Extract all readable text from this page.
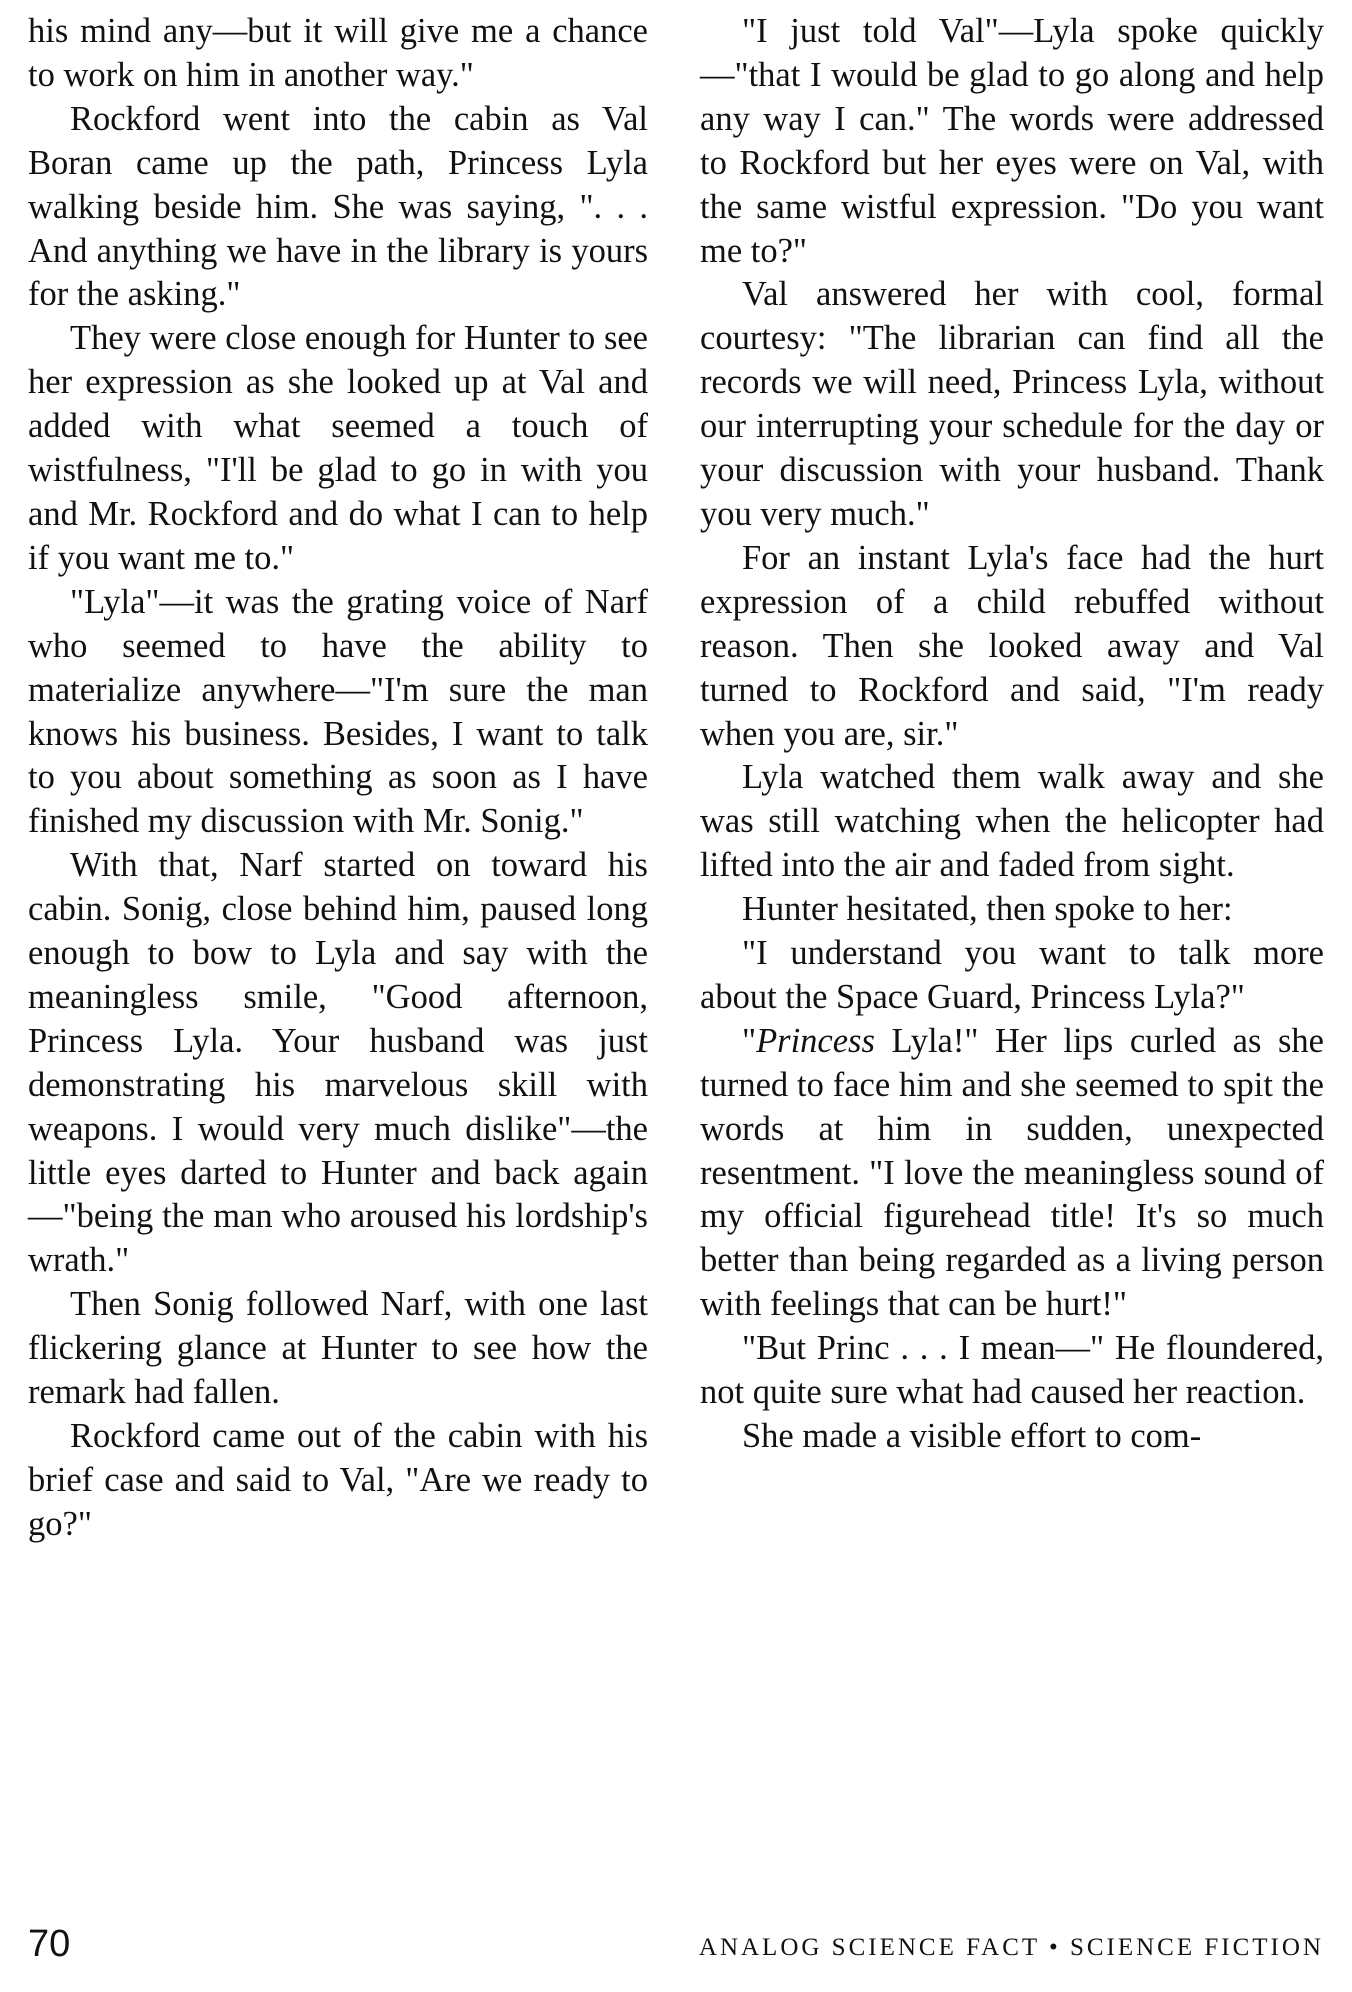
his mind any—but it will give me a chance to work on him in another way."

Rockford went into the cabin as Val Boran came up the path, Princess Lyla walking beside him. She was saying, ". . . And anything we have in the library is yours for the asking."

They were close enough for Hunter to see her expression as she looked up at Val and added with what seemed a touch of wistfulness, "I'll be glad to go in with you and Mr. Rockford and do what I can to help if you want me to."

"Lyla"—it was the grating voice of Narf who seemed to have the ability to materialize anywhere—"I'm sure the man knows his business. Besides, I want to talk to you about something as soon as I have finished my discussion with Mr. Sonig."

With that, Narf started on toward his cabin. Sonig, close behind him, paused long enough to bow to Lyla and say with the meaningless smile, "Good afternoon, Princess Lyla. Your husband was just demonstrating his marvelous skill with weapons. I would very much dislike"—the little eyes darted to Hunter and back again—"being the man who aroused his lordship's wrath."

Then Sonig followed Narf, with one last flickering glance at Hunter to see how the remark had fallen.

Rockford came out of the cabin with his brief case and said to Val, "Are we ready to go?"

"I just told Val"—Lyla spoke quickly—"that I would be glad to go along and help any way I can." The words were addressed to Rockford but her eyes were on Val, with the same wistful expression. "Do you want me to?"

Val answered her with cool, formal courtesy: "The librarian can find all the records we will need, Princess Lyla, without our interrupting your schedule for the day or your discussion with your husband. Thank you very much."

For an instant Lyla's face had the hurt expression of a child rebuffed without reason. Then she looked away and Val turned to Rockford and said, "I'm ready when you are, sir."

Lyla watched them walk away and she was still watching when the helicopter had lifted into the air and faded from sight.

Hunter hesitated, then spoke to her:

"I understand you want to talk more about the Space Guard, Princess Lyla?"

"Princess Lyla!" Her lips curled as she turned to face him and she seemed to spit the words at him in sudden, unexpected resentment. "I love the meaningless sound of my official figurehead title! It's so much better than being regarded as a living person with feelings that can be hurt!"

"But Princ . . . I mean—" He floundered, not quite sure what had caused her reaction.

She made a visible effort to com-

70	ANALOG SCIENCE FACT • SCIENCE FICTION
